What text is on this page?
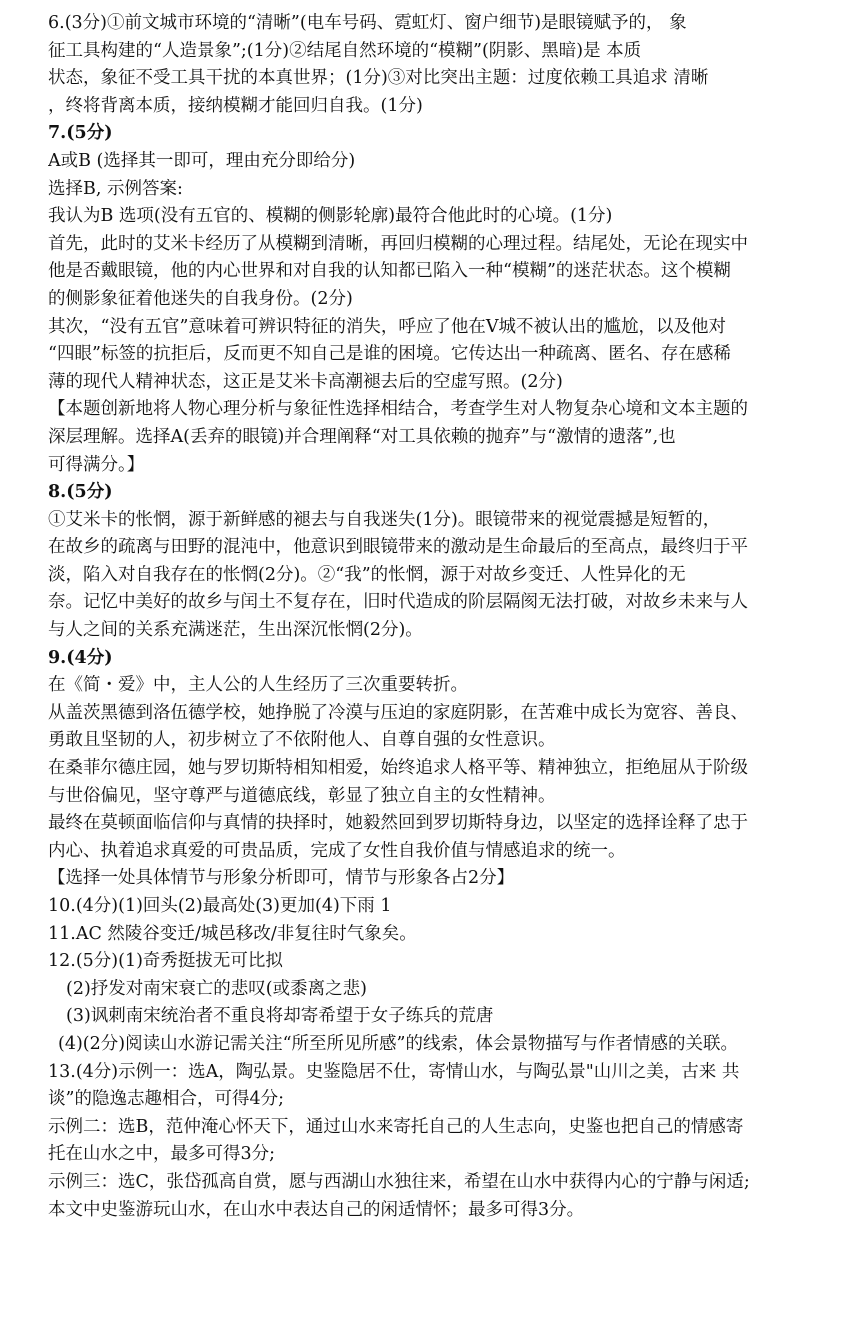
6.(3分)①前文城市环境的“清晰”(电车号码、霓虹灯、窗户细节)是眼镜赋予的， 象
征工具构建的“人造景象”;(1分)②结尾自然环境的“模糊”(阴影、黑暗)是 本质
状态，象征不受工具干扰的本真世界；(1分)③对比突出主题：过度依赖工具追求 清晰
，终将背离本质，接纳模糊才能回归自我。(1分)
7.(5分)
A或B (选择其一即可，理由充分即给分)
选择B, 示例答案:
我认为B 选项(没有五官的、模糊的侧影轮廓)最符合他此时的心境。(1分)
首先，此时的艾米卡经历了从模糊到清晰，再回归模糊的心理过程。结尾处，无论在现实中
他是否戴眼镜，他的内心世界和对自我的认知都已陷入一种“模糊”的迷茫状态。这个模糊
的侧影象征着他迷失的自我身份。(2分)
其次，“没有五官”意味着可辨识特征的消失，呼应了他在V城不被认出的尴尬，以及他对
“四眼”标签的抗拒后，反而更不知自己是谁的困境。它传达出一种疏离、匿名、存在感稀
薄的现代人精神状态，这正是艾米卡高潮褪去后的空虚写照。(2分)
【本题创新地将人物心理分析与象征性选择相结合，考查学生对人物复杂心境和文本主题的
深层理解。选择A(丢弃的眼镜)并合理阐释“对工具依赖的抛弃”与“激情的遗落”,也
可得满分。】
8.(5分)
①艾米卡的怅惘，源于新鲜感的褪去与自我迷失(1分)。眼镜带来的视觉震撼是短暂的，
在故乡的疏离与田野的混沌中，他意识到眼镜带来的激动是生命最后的至高点，最终归于平
淡，陷入对自我存在的怅惘(2分)。②“我”的怅惘，源于对故乡变迁、人性异化的无
奈。记忆中美好的故乡与闰土不复存在，旧时代造成的阶层隔阂无法打破，对故乡未来与人
与人之间的关系充满迷茫，生出深沉怅惘(2分)。
9.(4分)
在《简・爱》中，主人公的人生经历了三次重要转折。
从盖茨黑德到洛伍德学校，她挣脱了冷漠与压迫的家庭阴影，在苦难中成长为宽容、善良、
勇敢且坚韧的人，初步树立了不依附他人、自尊自强的女性意识。
在桑菲尔德庄园，她与罗切斯特相知相爱，始终追求人格平等、精神独立，拒绝屈从于阶级
与世俗偏见，坚守尊严与道德底线，彰显了独立自主的女性精神。
最终在莫顿面临信仰与真情的抉择时，她毅然回到罗切斯特身边，以坚定的选择诠释了忠于
内心、执着追求真爱的可贵品质，完成了女性自我价值与情感追求的统一。
【选择一处具体情节与形象分析即可，情节与形象各占2分】
10.(4分)(1)回头(2)最高处(3)更加(4)下雨 1
11.AC 然陵谷变迁/城邑移改/非复往时气象矣。
12.(5分)(1)奇秀挺拔无可比拟
(2)抒发对南宋衰亡的悲叹(或黍离之悲)
(3)讽刺南宋统治者不重良将却寄希望于女子练兵的荒唐
(4)(2分)阅读山水游记需关注“所至所见所感”的线索，体会景物描写与作者情感的关联。
13.(4分)示例一：选A，陶弘景。史鉴隐居不仕，寄情山水，与陶弘景"山川之美，古来 共
谈”的隐逸志趣相合，可得4分;
示例二：选B，范仲淹心怀天下，通过山水来寄托自己的人生志向，史鉴也把自己的情感寄
托在山水之中，最多可得3分;
示例三：选C，张岱孤高自赏，愿与西湖山水独往来，希望在山水中获得内心的宁静与闲适;
本文中史鉴游玩山水，在山水中表达自己的闲适情怀；最多可得3分。
